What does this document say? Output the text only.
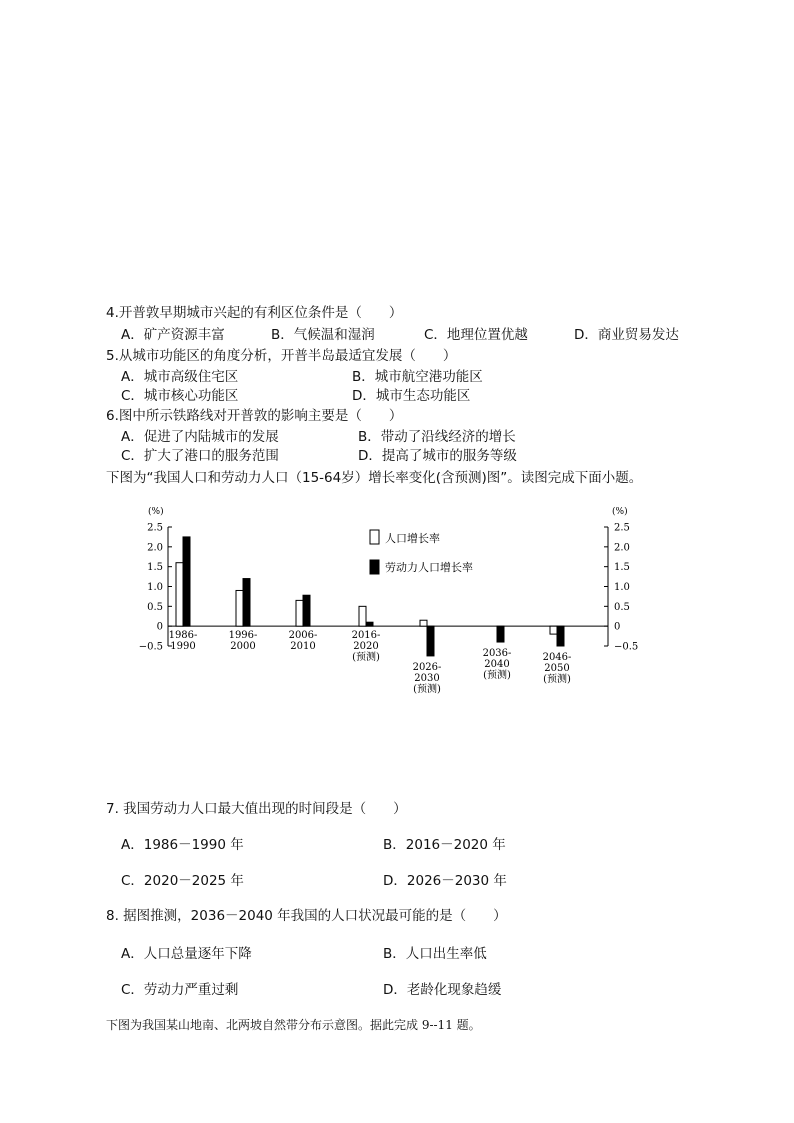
4.开普敦早期城市兴起的有利区位条件是（　　）
A．矿产资源丰富	B．气候温和湿润	C．地理位置优越	D．商业贸易发达
5.从城市功能区的角度分析，开普半岛最适宜发展（　　）
A．城市高级住宅区	B．城市航空港功能区
C．城市核心功能区	D．城市生态功能区
6.图中所示铁路线对开普敦的影响主要是（　　）
A．促进了内陆城市的发展	B．带动了沿线经济的增长
C．扩大了港口的服务范围	D．提高了城市的服务等级
下图为“我国人口和劳动力人口（15-64岁）增长率变化(含预测)图”。读图完成下面小题。
(%)	(%)
2.5	2.5
2.0	2.0
1.5	1.5
1.0	1.0
0.5	0.5
0	0
−0.5	−0.5
1986-
1990
1996-
2000
2006-
2010
2016-
2020
(预测)
2026-
2030
(预测)
2036-
2040
(预测)
2046-
2050
(预测)
人口增长率
劳动力人口增长率
7. 我国劳动力人口最大值出现的时间段是（　　）
A．1986－1990 年	B．2016－2020 年
C．2020－2025 年	D．2026－2030 年
8. 据图推测，2036－2040 年我国的人口状况最可能的是（　　）
A．人口总量逐年下降	B．人口出生率低
C．劳动力严重过剩	D．老龄化现象趋缓
下图为我国某山地南、北两坡自然带分布示意图。据此完成 9--11 题。
